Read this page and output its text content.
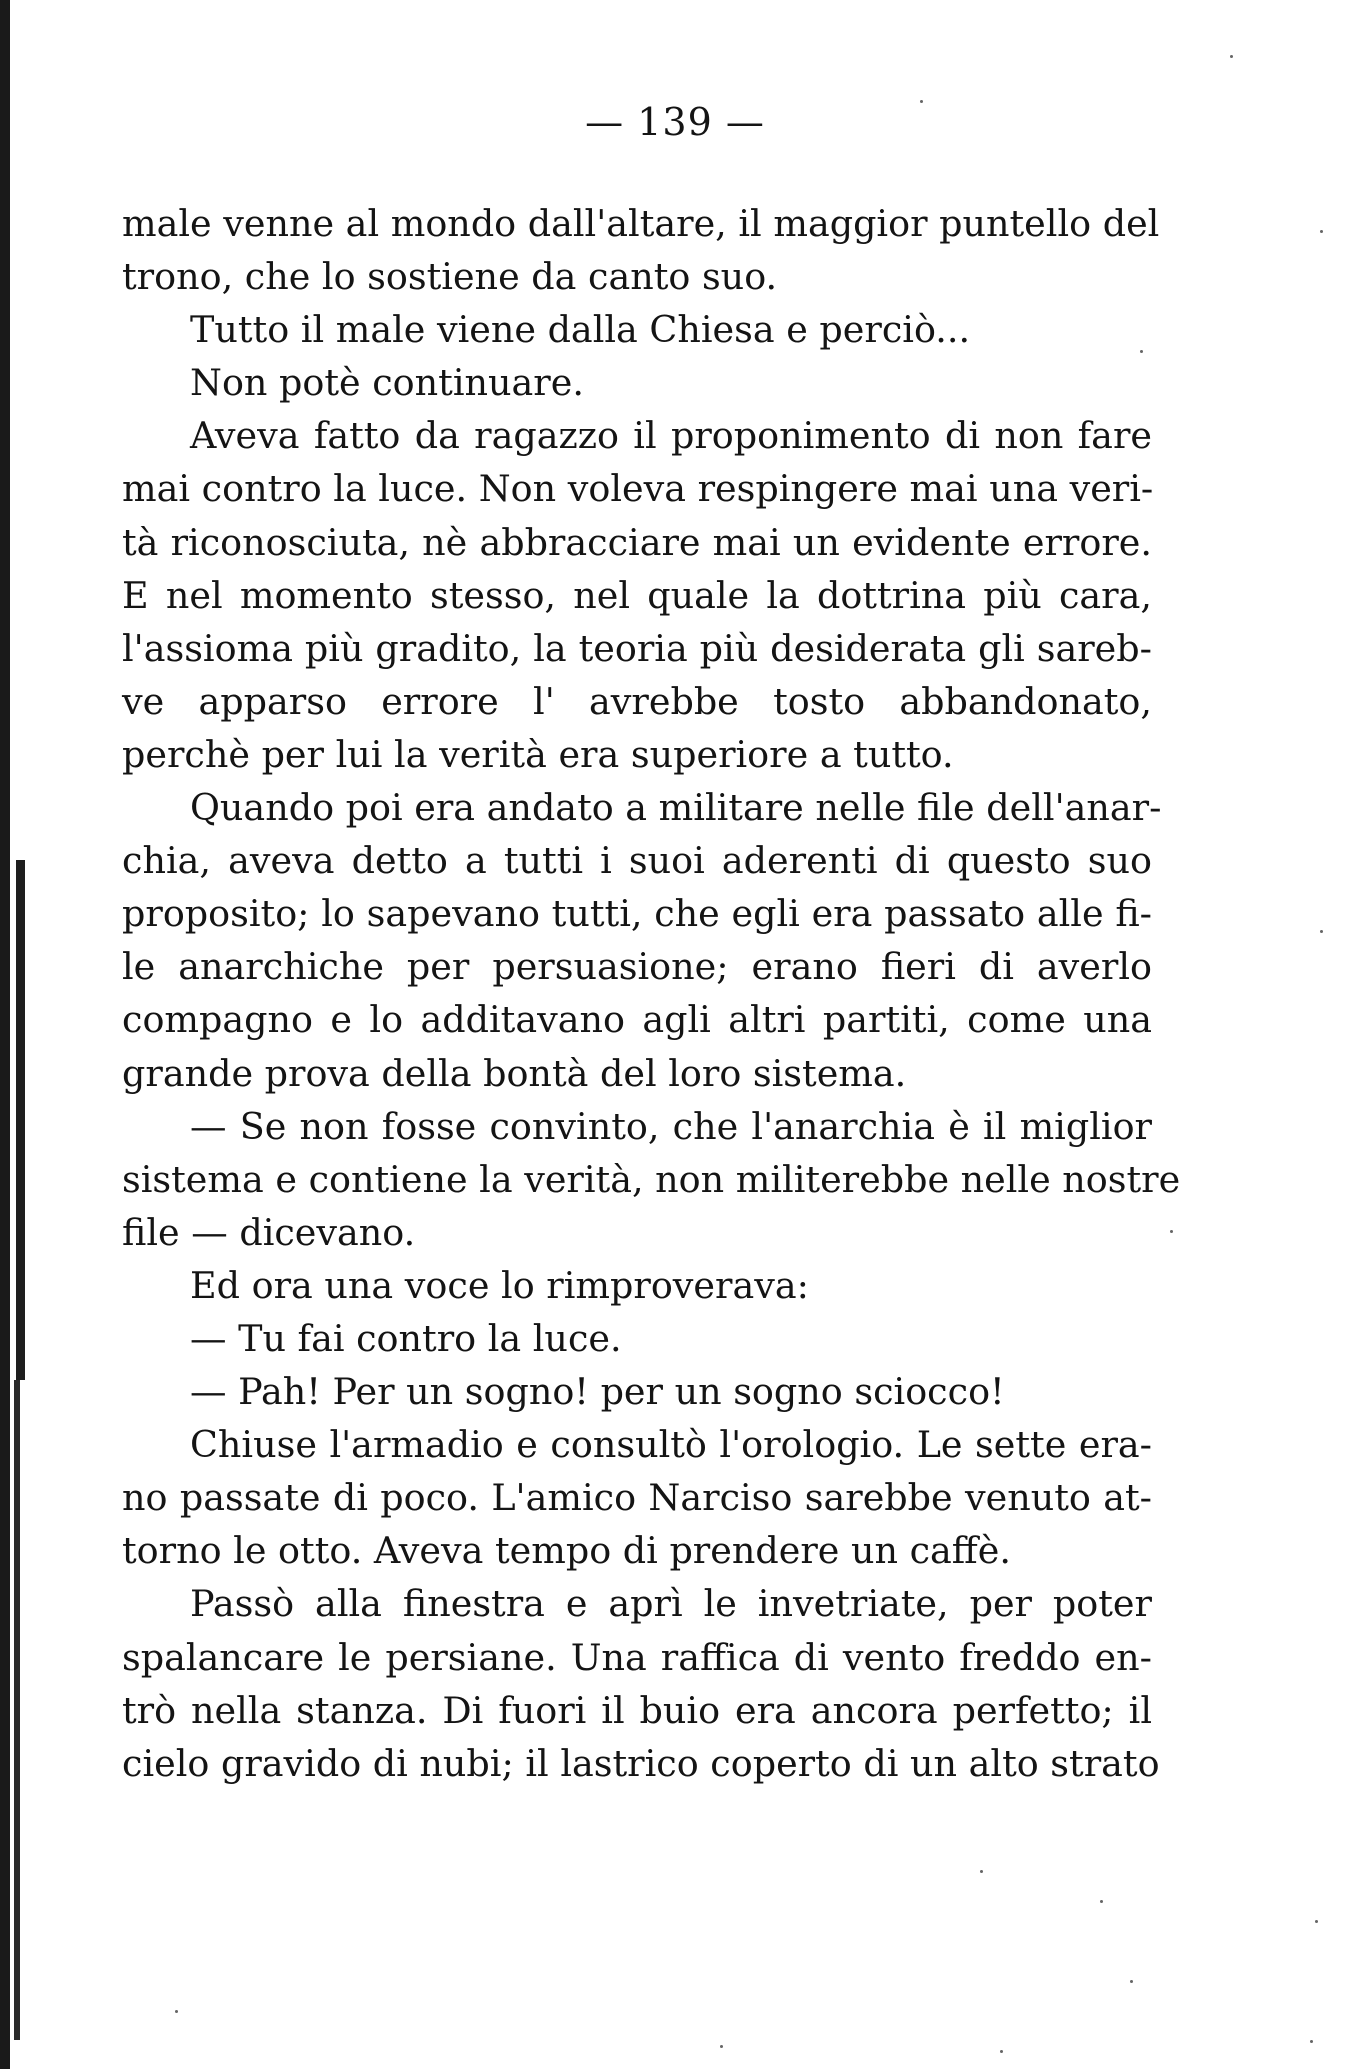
— 139 —
male venne al mondo dall'altare, il maggior puntello del
trono, che lo sostiene da canto suo.
Tutto il male viene dalla Chiesa e perciò...
Non potè continuare.
Aveva fatto da ragazzo il proponimento di non fare
mai contro la luce. Non voleva respingere mai una veri-
tà riconosciuta, nè abbracciare mai un evidente errore.
E nel momento stesso, nel quale la dottrina più cara,
l'assioma più gradito, la teoria più desiderata gli sareb-
ve apparso errore l' avrebbe tosto abbandonato,
perchè per lui la verità era superiore a tutto.
Quando poi era andato a militare nelle file dell'anar-
chia, aveva detto a tutti i suoi aderenti di questo suo
proposito; lo sapevano tutti, che egli era passato alle fi-
le anarchiche per persuasione; erano fieri di averlo
compagno e lo additavano agli altri partiti, come una
grande prova della bontà del loro sistema.
— Se non fosse convinto, che l'anarchia è il miglior
sistema e contiene la verità, non militerebbe nelle nostre
file — dicevano.
Ed ora una voce lo rimproverava:
— Tu fai contro la luce.
— Pah! Per un sogno! per un sogno sciocco!
Chiuse l'armadio e consultò l'orologio. Le sette era-
no passate di poco. L'amico Narciso sarebbe venuto at-
torno le otto. Aveva tempo di prendere un caffè.
Passò alla finestra e aprì le invetriate, per poter
spalancare le persiane. Una raffica di vento freddo en-
trò nella stanza. Di fuori il buio era ancora perfetto; il
cielo gravido di nubi; il lastrico coperto di un alto strato
